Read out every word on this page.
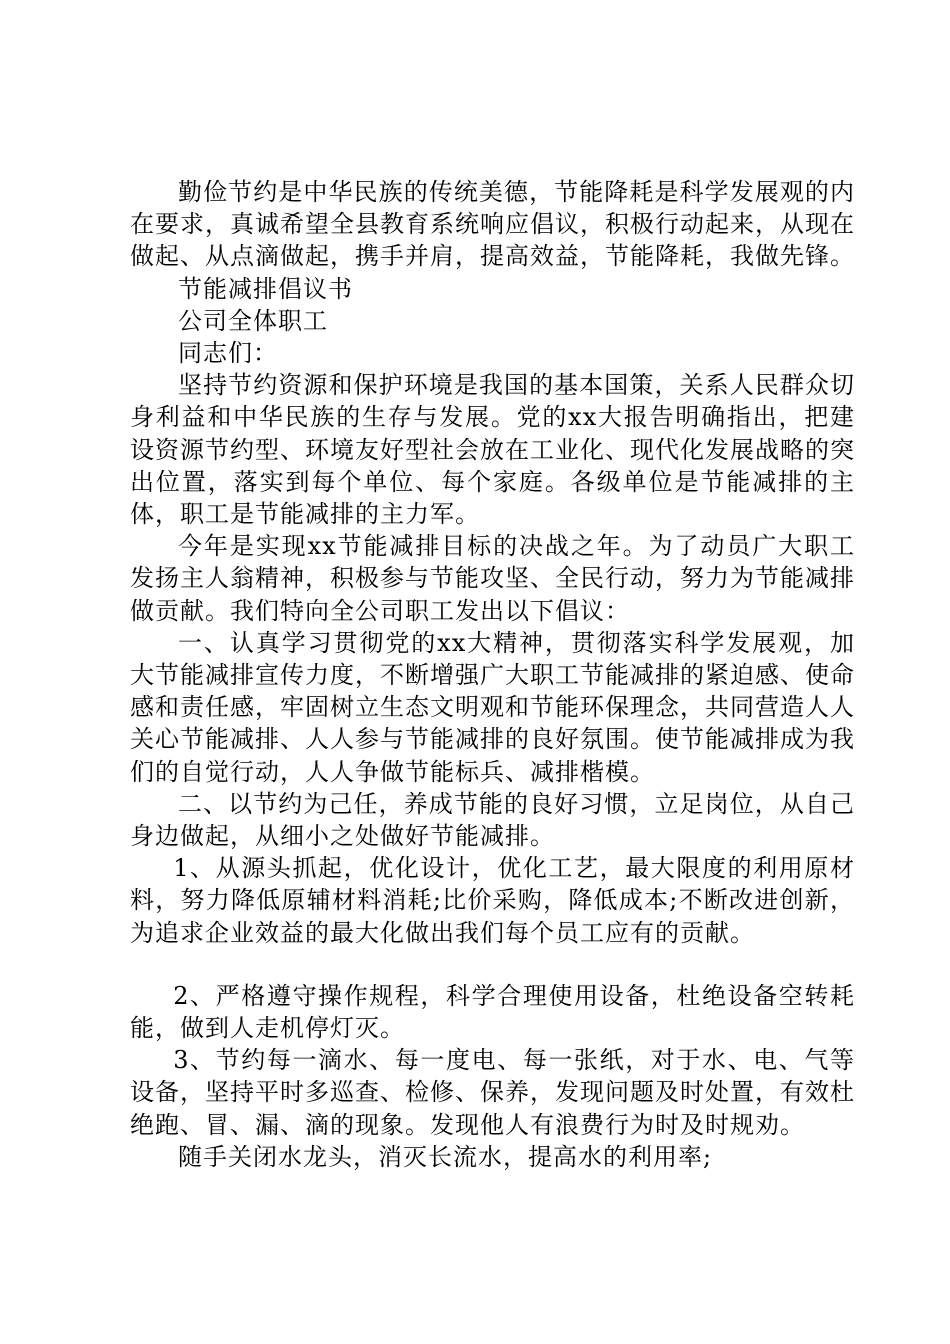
勤俭节约是中华民族的传统美德，节能降耗是科学发展观的内在要求，真诚希望全县教育系统响应倡议，积极行动起来，从现在做起、从点滴做起，携手并肩，提高效益，节能降耗，我做先锋。

节能减排倡议书

公司全体职工

同志们：

坚持节约资源和保护环境是我国的基本国策，关系人民群众切身利益和中华民族的生存与发展。党的xx大报告明确指出，把建设资源节约型、环境友好型社会放在工业化、现代化发展战略的突出位置，落实到每个单位、每个家庭。各级单位是节能减排的主体，职工是节能减排的主力军。

今年是实现xx节能减排目标的决战之年。为了动员广大职工发扬主人翁精神，积极参与节能攻坚、全民行动，努力为节能减排做贡献。我们特向全公司职工发出以下倡议：

一、认真学习贯彻党的xx大精神，贯彻落实科学发展观，加大节能减排宣传力度，不断增强广大职工节能减排的紧迫感、使命感和责任感，牢固树立生态文明观和节能环保理念，共同营造人人关心节能减排、人人参与节能减排的良好氛围。使节能减排成为我们的自觉行动，人人争做节能标兵、减排楷模。

二、以节约为己任，养成节能的良好习惯，立足岗位，从自己身边做起，从细小之处做好节能减排。

1、从源头抓起，优化设计，优化工艺，最大限度的利用原材料，努力降低原辅材料消耗;比价采购，降低成本;不断改进创新，为追求企业效益的最大化做出我们每个员工应有的贡献。

2、严格遵守操作规程，科学合理使用设备，杜绝设备空转耗能，做到人走机停灯灭。

3、节约每一滴水、每一度电、每一张纸，对于水、电、气等设备，坚持平时多巡查、检修、保养，发现问题及时处置，有效杜绝跑、冒、漏、滴的现象。发现他人有浪费行为时及时规劝。

随手关闭水龙头，消灭长流水，提高水的利用率;
